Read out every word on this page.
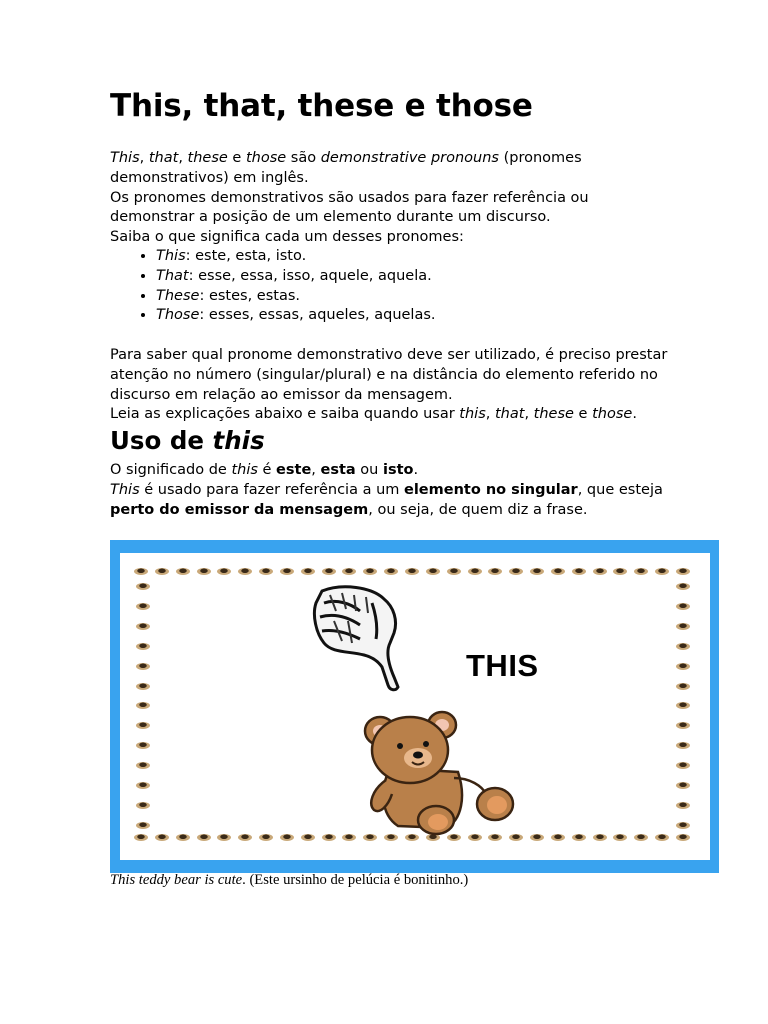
This, that, these e those
This, that, these e those são demonstrative pronouns (pronomes demonstrativos) em inglês.
Os pronomes demonstrativos são usados para fazer referência ou demonstrar a posição de um elemento durante um discurso.
Saiba o que significa cada um desses pronomes:
• This: este, esta, isto.
• That: esse, essa, isso, aquele, aquela.
• These: estes, estas.
• Those: esses, essas, aqueles, aquelas.
Para saber qual pronome demonstrativo deve ser utilizado, é preciso prestar atenção no número (singular/plural) e na distância do elemento referido no discurso em relação ao emissor da mensagem.
Leia as explicações abaixo e saiba quando usar this, that, these e those.
Uso de this
O significado de this é este, esta ou isto.
This é usado para fazer referência a um elemento no singular, que esteja perto do emissor da mensagem, ou seja, de quem diz a frase.
THIS
This teddy bear is cute. (Este ursinho de pelúcia é bonitinho.)
